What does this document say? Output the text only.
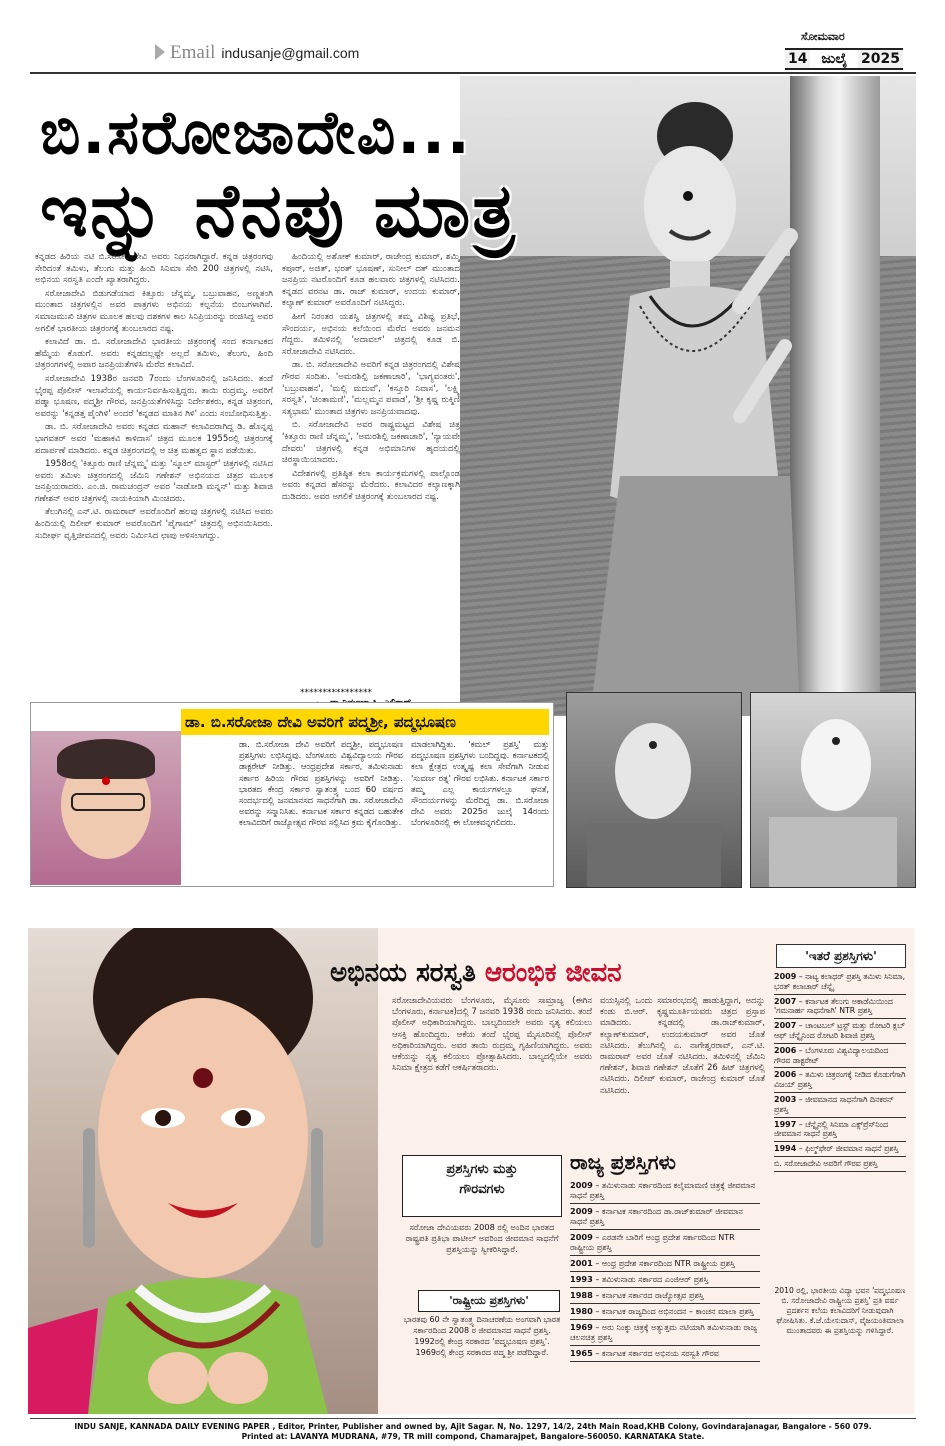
Email indusanje@gmail.com
ಸೋಮವಾರ
14 ಜುಲೈ 2025
ಬಿ.ಸರೋಜಾದೇವಿ...
ಇನ್ನು ನೆನಪು ಮಾತ್ರ

ಕನ್ನಡದ ಹಿರಿಯ ನಟಿ ಬಿ.ಸರೋಜಾದೇವಿ ಅವರು ನಿಧನರಾಗಿದ್ದಾರೆ. ಕನ್ನಡ ಚಿತ್ರರಂಗವು ಸೇರಿದಂತೆ ತಮಿಳು, ತೆಲುಗು ಮತ್ತು ಹಿಂದಿ ಸಿನಿಮಾ ಸೇರಿ 200 ಚಿತ್ರಗಳಲ್ಲಿ ನಟಿಸಿ, ಅಭಿನಯ ಸರಸ್ವತಿ ಎಂದೇ ಖ್ಯಾತರಾಗಿದ್ದರು.

ಸರೋಜಾದೇವಿ ಬಿಡುಗಡೆಯಾದ ಕಿತ್ತೂರು ಚೆನ್ನಮ್ಮ, ಬಬ್ರುವಾಹನ, ಅಣ್ಣತಂಗಿ ಮುಂತಾದ ಚಿತ್ರಗಳಲ್ಲಿನ ಅವರ ಪಾತ್ರಗಳು ಅಭಿನಯ ಕಲ್ಪನೆಯ ಬಿಂಬಗಳಾಗಿವೆ. ಸಮಾಜಮುಖಿ ಚಿತ್ರಗಳ ಮೂಲಕ ಹಲವು ದಶಕಗಳ ಕಾಲ ಸಿನಿಪ್ರಿಯರನ್ನು ರಂಜಿಸಿದ್ದ ಅವರ ಅಗಲಿಕೆ ಭಾರತೀಯ ಚಿತ್ರರಂಗಕ್ಕೆ ತುಂಬಲಾರದ ನಷ್ಟ.

ಕಲಾವಿದೆ ಡಾ. ಬಿ. ಸರೋಜಾದೇವಿ ಭಾರತೀಯ ಚಿತ್ರರಂಗಕ್ಕೆ ಸಂದ ಕರ್ನಾಟಕದ ಹೆಮ್ಮೆಯ ಕೊಡುಗೆ. ಅವರು ಕನ್ನಡದಲ್ಲಷ್ಟೇ ಅಲ್ಲದೆ ತಮಿಳು, ತೆಲುಗು, ಹಿಂದಿ ಚಿತ್ರರಂಗಗಳಲ್ಲಿ ಅಪಾರ ಜನಪ್ರಿಯತೆಗಳಿಸಿ ಮೆರೆದ ಕಲಾವಿದೆ.

ಸರೋಜಾದೇವಿ 1938ರ ಜನವರಿ 7ರಂದು ಬೆಂಗಳೂರಿನಲ್ಲಿ ಜನಿಸಿದರು. ತಂದೆ ಭೈರಪ್ಪ ಪೊಲೀಸ್ ಇಲಾಖೆಯಲ್ಲಿ ಕಾರ್ಯನಿರ್ವಹಿಸುತ್ತಿದ್ದರು. ತಾಯಿ ರುದ್ರಮ್ಮ. ಅವರಿಗೆ ಪಡ್ಮಾ ಭೂಷಣ, ಪದ್ಮಶ್ರೀ ಗೌರವ, ಜನಪ್ರಿಯತೆಗಳಿಸಿದ್ದು ನಿರ್ದೇಶಕರು, ಕನ್ನಡ ಚಿತ್ರರಂಗ, ಅವರನ್ನು 'ಕನ್ನಡತ್ತ ಪೈಂಗಿಳಿ' ಅಂದರೆ 'ಕನ್ನಡದ ಮಾತಿನ ಗಿಳಿ' ಎಂದು ಸಂಬೋಧಿಸುತ್ತಿತ್ತು.

ಡಾ. ಬಿ. ಸರೋಜಾದೇವಿ ಅವರು ಕನ್ನಡದ ಮಹಾನ್ ಕಲಾವಿದರಾಗಿದ್ದ ಡಿ. ಹೊನ್ನಪ್ಪ ಭಾಗವತರ್ ಅವರ 'ಮಹಾಕವಿ ಕಾಳಿದಾಸ' ಚಿತ್ರದ ಮೂಲಕ 1955ರಲ್ಲಿ ಚಿತ್ರರಂಗಕ್ಕೆ ಪದಾರ್ಪಣೆ ಮಾಡಿದರು. ಕನ್ನಡ ಚಿತ್ರರಂಗದಲ್ಲಿ ಆ ಚಿತ್ರ ಮಹತ್ವದ ಸ್ಥಾನ ಪಡೆಯಿತು.

1958ರಲ್ಲಿ 'ಕಿತ್ತೂರು ರಾಣಿ ಚೆನ್ನಮ್ಮ' ಮತ್ತು 'ಸ್ಕೂಲ್ ಮಾಸ್ಟರ್' ಚಿತ್ರಗಳಲ್ಲಿ ನಟಿಸಿದ ಅವರು ತಮಿಳು ಚಿತ್ರರಂಗದಲ್ಲಿ ಜೆಮಿನಿ ಗಣೇಶನ್ ಅಭಿನಯದ ಚಿತ್ರದ ಮೂಲಕ ಜನಪ್ರಿಯರಾದರು. ಎಂ.ಜಿ. ರಾಮಚಂದ್ರನ್ ಅವರ 'ನಾಡೋಡಿ ಮನ್ನನ್' ಮತ್ತು ಶಿವಾಜಿ ಗಣೇಶನ್ ಅವರ ಚಿತ್ರಗಳಲ್ಲಿ ನಾಯಕಿಯಾಗಿ ಮಿಂಚಿದರು.

ತೆಲುಗಿನಲ್ಲಿ ಎನ್.ಟಿ. ರಾಮರಾವ್ ಅವರೊಂದಿಗೆ ಹಲವು ಚಿತ್ರಗಳಲ್ಲಿ ನಟಿಸಿದ ಅವರು ಹಿಂದಿಯಲ್ಲಿ ದಿಲೀಪ್ ಕುಮಾರ್ ಅವರೊಂದಿಗೆ 'ಪೈಗಾಮ್' ಚಿತ್ರದಲ್ಲಿ ಅಭಿನಯಿಸಿದರು. ಸುದೀರ್ಘ ವೃತ್ತಿಜೀವನದಲ್ಲಿ ಅವರು ನಿರ್ಮಿಸಿದ ಛಾಪು ಅಳಿಸಲಾಗದ್ದು.

ಹಿಂದಿಯಲ್ಲಿ ಅಶೋಕ್ ಕುಮಾರ್, ರಾಜೇಂದ್ರ ಕುಮಾರ್, ಶಮ್ಮಿ ಕಪೂರ್, ಅಜಿತ್, ಭರತ್ ಭೂಷಣ್, ಸುನೀಲ್ ದತ್ ಮುಂತಾದ ಜನಪ್ರಿಯ ನಟರೊಂದಿಗೆ ಕೂಡ ಹಲವಾರು ಚಿತ್ರಗಳಲ್ಲಿ ನಟಿಸಿದರು. ಕನ್ನಡದ ವರನಟ ಡಾ. ರಾಜ್ ಕುಮಾರ್, ಉದಯ ಕುಮಾರ್, ಕಲ್ಯಾಣ್ ಕುಮಾರ್ ಅವರೊಂದಿಗೆ ನಟಿಸಿದ್ದರು.

ಹೀಗೆ ನಿರಂತರ ಯಶಸ್ವಿ ಚಿತ್ರಗಳಲ್ಲಿ ತಮ್ಮ ವಿಶಿಷ್ಟ ಪ್ರತಿಭೆ, ಸೌಂದರ್ಯ, ಅಭಿನಯ ಕಲೆಯಿಂದ ಮೆರೆದ ಅವರು ಜನಮನ ಗೆದ್ದರು. ತಮಿಳಿನಲ್ಲಿ 'ಅದಾವಲ್' ಚಿತ್ರದಲ್ಲಿ ಕೂಡ ಬಿ. ಸರೋಜಾದೇವಿ ನಟಿಸಿದರು.

ಡಾ. ಬಿ. ಸರೋಜಾದೇವಿ ಅವರಿಗೆ ಕನ್ನಡ ಚಿತ್ರರಂಗದಲ್ಲಿ ವಿಶೇಷ ಗೌರವ ಸಂದಿತು. 'ಅಮರಶಿಲ್ಪಿ ಜಕಣಾಚಾರಿ', 'ಭಾಗ್ಯವಂತರು', 'ಬಬ್ರುವಾಹನ', 'ಮಲ್ಲಿ ಮದುವೆ', 'ಕಸ್ತೂರಿ ನಿವಾಸ', 'ಲಕ್ಷ್ಮಿ ಸರಸ್ವತಿ', 'ಚಿಂತಾಮಣಿ', 'ಮಲ್ಲಮ್ಮನ ಪವಾಡ', 'ಶ್ರೀ ಕೃಷ್ಣ ರುಕ್ಮಿಣಿ ಸತ್ಯಭಾಮ' ಮುಂತಾದ ಚಿತ್ರಗಳು ಜನಪ್ರಿಯವಾದವು.

ಬಿ. ಸರೋಜಾದೇವಿ ಅವರ ರಾಷ್ಟ್ರಮಟ್ಟದ ವಿಶೇಷ ಚಿತ್ರ 'ಕಿತ್ತೂರು ರಾಣಿ ಚೆನ್ನಮ್ಮ', 'ಅಮರಶಿಲ್ಪಿ ಜಕಣಾಚಾರಿ', 'ನ್ಯಾಯವೇ ದೇವರು' ಚಿತ್ರಗಳಲ್ಲಿ ಕನ್ನಡ ಅಭಿಮಾನಿಗಳ ಹೃದಯದಲ್ಲಿ ಚಿರಸ್ಥಾಯಿಯಾದರು.

ವಿದೇಶಗಳಲ್ಲಿ ಪ್ರತಿಷ್ಠಿತ ಕಲಾ ಕಾರ್ಯಕ್ರಮಗಳಲ್ಲಿ ಪಾಲ್ಗೊಂಡ ಅವರು ಕನ್ನಡದ ಹೆಸರನ್ನು ಮೆರೆದರು. ಕಲಾವಿದರ ಕಲ್ಯಾಣಕ್ಕಾಗಿ ದುಡಿದರು. ಅವರ ಅಗಲಿಕೆ ಚಿತ್ರರಂಗಕ್ಕೆ ತುಂಬಲಾರದ ನಷ್ಟ.

****************
ಡಾ. ಬಿ.ಸರೋಜಾ ದೇವಿ ಅವರಿಗೆ ಪದ್ಮಶ್ರೀ, ಪದ್ಮಭೂಷಣ
ಡಾ. ಬಿ.ಸರೋಜಾ ದೇವಿ ಅವರಿಗೆ ಪದ್ಮಶ್ರೀ, ಪದ್ಮಭೂಷಣ ಪ್ರಶಸ್ತಿಗಳು ಲಭಿಸಿದ್ದವು. ಬೆಂಗಳೂರು ವಿಶ್ವವಿದ್ಯಾಲಯ ಗೌರವ ಡಾಕ್ಟರೇಟ್ ನೀಡಿತ್ತು. ಆಂಧ್ರಪ್ರದೇಶ ಸರ್ಕಾರ, ತಮಿಳುನಾಡು ಸರ್ಕಾರ ಹಿರಿಯ ಗೌರವ ಪ್ರಶಸ್ತಿಗಳನ್ನು ಅವರಿಗೆ ನೀಡಿತ್ತು. ಭಾರತದ ಕೇಂದ್ರ ಸರ್ಕಾರ ಸ್ವಾತಂತ್ರ್ಯ ಬಂದ 60 ವರ್ಷದ ಸಂದರ್ಭದಲ್ಲಿ ಜನಮಾನಸದ ಸಾಧನೆಗಾಗಿ ಡಾ. ಸರೋಜಾದೇವಿ ಅವರನ್ನು ಸನ್ಮಾನಿಸಿತು. ಕರ್ನಾಟಕ ಸರ್ಕಾರ ಕನ್ನಡದ ಬಹುತೇಕ ಕಲಾವಿದರಿಗೆ ರಾಜ್ಯೋತ್ಸವ ಗೌರವ ಸಲ್ಲಿಸಿದ ಕ್ರಮ ಕೈಗೊಂಡಿತ್ತು.
ಮಾಡಲಾಗಿದ್ದಿತು. 'ಕಮಲ್ ಪ್ರಶಸ್ತಿ' ಮತ್ತು ಪದ್ಮಭೂಷಣ ಪ್ರಶಸ್ತಿಗಳು ಬಂದಿದ್ದವು. ಕರ್ನಾಟಕದಲ್ಲಿ ಕಲಾ ಕ್ಷೇತ್ರದ ಉತ್ಕೃಷ್ಟ ಕಲಾ ಸೇವೆಗಾಗಿ ನೀಡುವ 'ಸುವರ್ಣ ರತ್ನ' ಗೌರವ ಲಭಿಸಿತು. ಕರ್ನಾಟಕ ಸರ್ಕಾರ ತಮ್ಮ ಎಲ್ಲ ಕಾರ್ಯಗಳಲ್ಲೂ ಘನತೆ, ಸೌಂದರ್ಯಗಳನ್ನು ಮೆರೆದಿದ್ದ ಡಾ. ಬಿ.ಸರೋಜಾ ದೇವಿ ಅವರು 2025ರ ಜುಲೈ 14ರಂದು ಬೆಂಗಳೂರಿನಲ್ಲಿ ಈ ಲೋಕವನ್ನಗಲಿದರು.
ಅಭಿನಯ ಸರಸ್ವತಿ ಆರಂಭಿಕ ಜೀವನ
ಸರೋಜಾದೇವಿಯವರು ಬೆಂಗಳೂರು, ಮೈಸೂರು ಸಾಮ್ರಾಜ್ಯ (ಈಗಿನ ಬೆಂಗಳೂರು, ಕರ್ನಾಟಕ)ದಲ್ಲಿ 7 ಜನವರಿ 1938 ರಂದು ಜನಿಸಿದರು. ತಂದೆ ಪೊಲೀಸ್ ಅಧಿಕಾರಿಯಾಗಿದ್ದರು. ಬಾಲ್ಯದಿಂದಲೇ ಅವರು ನೃತ್ಯ ಕಲಿಯಲು ಆಸಕ್ತಿ ಹೊಂದಿದ್ದರು. ಆಕೆಯ ತಂದೆ ಭೈರಪ್ಪ ಮೈಸೂರಿನಲ್ಲಿ ಪೊಲೀಸ್ ಅಧಿಕಾರಿಯಾಗಿದ್ದರು. ಅವರ ತಾಯಿ ರುದ್ರಮ್ಮ ಗೃಹಿಣಿಯಾಗಿದ್ದರು. ಅವರು ಆಕೆಯನ್ನು ನೃತ್ಯ ಕಲಿಯಲು ಪ್ರೋತ್ಸಾಹಿಸಿದರು. ಬಾಲ್ಯದಲ್ಲಿಯೇ ಅವರು ಸಿನಿಮಾ ಕ್ಷೇತ್ರದ ಕಡೆಗೆ ಆಕರ್ಷಿತರಾದರು.
ವಯಸ್ಸಿನಲ್ಲಿ ಒಂದು ಸಮಾರಂಭದಲ್ಲಿ ಹಾಡುತ್ತಿದ್ದಾಗ, ಅದನ್ನು ಕಂಡು ಬಿ.ಆರ್. ಕೃಷ್ಣಮೂರ್ತಿಯವರು ಚಿತ್ರದ ಪ್ರಸ್ತಾಪ ಮಾಡಿದರು. ಕನ್ನಡದಲ್ಲಿ ಡಾ.ರಾಜ್‌ಕುಮಾರ್, ಕಲ್ಯಾಣ್‌ಕುಮಾರ್, ಉದಯಕುಮಾರ್ ಅವರ ಜೊತೆ ನಟಿಸಿದರು. ತೆಲುಗಿನಲ್ಲಿ ಎ. ನಾಗೇಶ್ವರರಾವ್, ಎನ್.ಟಿ. ರಾಮರಾವ್ ಅವರ ಜೊತೆ ನಟಿಸಿದರು. ತಮಿಳಿನಲ್ಲಿ ಜೆಮಿನಿ ಗಣೇಶನ್, ಶಿವಾಜಿ ಗಣೇಶನ್ ಜೊತೆಗೆ 26 ಹಿಟ್ ಚಿತ್ರಗಳಲ್ಲಿ ನಟಿಸಿದರು. ದಿಲೀಪ್ ಕುಮಾರ್, ರಾಜೇಂದ್ರ ಕುಮಾರ್ ಜೊತೆ ನಟಿಸಿದರು.
'ಇತರೆ ಪ್ರಶಸ್ತಿಗಳು'
2009 – ನಾಟ್ಯ ಕಲಾಧರ್ ಪ್ರಶಸ್ತಿ ತಮಿಳು ಸಿನಿಮಾ, ಭರತ್ ಕಲಾಚಾರ್ ಚೆನ್ನೈ
2007 – ಕರ್ನಾಟಕ ತೆಲುಗು ಅಕಾಡೆಮಿಯಿಂದ 'ಗಮನಾರ್ಹ ಸಾಧನೆಗಾಗಿ' NTR ಪ್ರಶಸ್ತಿ
2007 – ಚಾಂಟಬಲ್ ಟ್ರಸ್ಟ್ ಮತ್ತು ರೋಟರಿ ಕ್ಲಬ್ ಆಫ್ ಚೆನ್ನೈನಿಂದ ರೋಟರಿ ಶಿವಾಜಿ ಪ್ರಶಸ್ತಿ
2006 – ಬೆಂಗಳೂರು ವಿಶ್ವವಿದ್ಯಾಲಯದಿಂದ ಗೌರವ ಡಾಕ್ಟರೇಟ್
2006 – ತಮಿಳು ಚಿತ್ರರಂಗಕ್ಕೆ ನೀಡಿದ ಕೊಡುಗೆಗಾಗಿ ವಿಜಯ್ ಪ್ರಶಸ್ತಿ
2003 – ಜೀವಮಾನದ ಸಾಧನೆಗಾಗಿ ದಿನಕರನ್ ಪ್ರಶಸ್ತಿ
1997 – ಚೆನ್ನೈನಲ್ಲಿ ಸಿನಿಮಾ ಎಕ್ಸ್‌ಪ್ರೆಸ್‌ನಿಂದ ಜೀವಮಾನ ಸಾಧನೆ ಪ್ರಶಸ್ತಿ
1994 – ಫಿಲ್ಮ್‌ಫೇರ್ ಜೀವಮಾನ ಸಾಧನೆ ಪ್ರಶಸ್ತಿ
ಬಿ. ಸರೋಜಾದೇವಿ ಅವರಿಗೆ ಗೌರವ ಪ್ರಶಸ್ತಿ
2010 ರಲ್ಲಿ, ಭಾರತೀಯ ವಿದ್ಯಾ ಭವನ 'ಪದ್ಮಭೂಷಣ ಬಿ. ಸರೋಜಾದೇವಿ ರಾಷ್ಟ್ರೀಯ ಪ್ರಶಸ್ತಿ' ಪ್ರತಿ ವರ್ಷ ಪ್ರದರ್ಶನ ಕಲೆಯ ಕಲಾವಿದರಿಗೆ ನೀಡುವುದಾಗಿ ಘೋಷಿಸಿತು. ಕೆ.ಜೆ.ಯೇಸುದಾಸ್, ವೈಜಯಂತಿಮಾಲಾ ಮುಂತಾದವರು ಈ ಪ್ರಶಸ್ತಿಯನ್ನು ಗಳಿಸಿದ್ದಾರೆ.
ಪ್ರಶಸ್ತಿಗಳು ಮತ್ತು
ಗೌರವಗಳು
ಸರೋಜಾ ದೇವಿಯವರು 2008 ರಲ್ಲಿ ಅಂದಿನ ಭಾರತದ ರಾಷ್ಟ್ರಪತಿ ಪ್ರತಿಭಾ ಪಾಟೀಲ್ ಅವರಿಂದ ಜೀವಮಾನ ಸಾಧನೆಗೆ ಪ್ರಶಸ್ತಿಯನ್ನು ಸ್ವೀಕರಿಸಿದ್ದಾರೆ.
'ರಾಷ್ಟ್ರೀಯ ಪ್ರಶಸ್ತಿಗಳು'
ಭಾರತವು 60 ನೇ ಸ್ವಾತಂತ್ರ್ಯ ದಿನಾಚರಣೆಯ ಅಂಗವಾಗಿ ಭಾರತ ಸರ್ಕಾರದಿಂದ 2008 ರ ಜೀವಮಾನದ ಸಾಧನೆ ಪ್ರಶಸ್ತಿ. 1992ರಲ್ಲಿ ಕೇಂದ್ರ ಸರಕಾರದ 'ಪದ್ಮಭೂಷಣ ಪ್ರಶಸ್ತಿ'. 1969ರಲ್ಲಿ ಕೇಂದ್ರ ಸರಕಾರದ ಪದ್ಮ ಶ್ರೀ ಪಡೆದಿದ್ದಾರೆ.
ರಾಜ್ಯ ಪ್ರಶಸ್ತಿಗಳು
2009 – ತಮಿಳುನಾಡು ಸರ್ಕಾರದಿಂದ ಕಲೈಮಾಮಣಿ ಚಿತ್ರಕ್ಕೆ ಜೀವಮಾನ ಸಾಧನೆ ಪ್ರಶಸ್ತಿ
2009 – ಕರ್ನಾಟಕ ಸರ್ಕಾರದಿಂದ ಡಾ.ರಾಜ್‌ಕುಮಾರ್ ಜೀವಮಾನ ಸಾಧನೆ ಪ್ರಶಸ್ತಿ
2009 – ಎರಡನೇ ಬಾರಿಗೆ ಆಂಧ್ರ ಪ್ರದೇಶ ಸರ್ಕಾರದಿಂದ NTR ರಾಷ್ಟ್ರೀಯ ಪ್ರಶಸ್ತಿ
2001 – ಆಂಧ್ರ ಪ್ರದೇಶ ಸರ್ಕಾರದಿಂದ NTR ರಾಷ್ಟ್ರೀಯ ಪ್ರಶಸ್ತಿ
1993 – ತಮಿಳುನಾಡು ಸರ್ಕಾರದ ಎಂಜಿಆರ್ ಪ್ರಶಸ್ತಿ
1988 – ಕರ್ನಾಟಕ ಸರ್ಕಾರದ ರಾಜ್ಯೋತ್ಸವ ಪ್ರಶಸ್ತಿ
1980 – ಕರ್ನಾಟಕ ರಾಜ್ಯದಿಂದ ಅಭಿನಂದನ – ಕಾಂಚನ ಮಾಲಾ ಪ್ರಶಸ್ತಿ
1969 – ಅರು ನಿಂಕ್ಕು ಚಿತ್ರಕ್ಕೆ ಅತ್ಯುತ್ತಮ ನಟಿಯಾಗಿ ತಮಿಳುನಾಡು ರಾಜ್ಯ ಚಲನಚಿತ್ರ ಪ್ರಶಸ್ತಿ
1965 – ಕರ್ನಾಟಕ ಸರ್ಕಾರದ ಅಭಿನಯ ಸರಸ್ವತಿ ಗೌರವ
INDU SANJE, KANNADA DAILY EVENING PAPER , Editor, Printer, Publisher and owned by, Ajit Sagar. N, No. 1297, 14/2, 24th Main Road,KHB Colony, Govindarajanagar, Bangalore - 560 079.
Printed at: LAVANYA MUDRANA, #79, TR mill compond, Chamarajpet, Bangalore-560050. KARNATAKA State.
